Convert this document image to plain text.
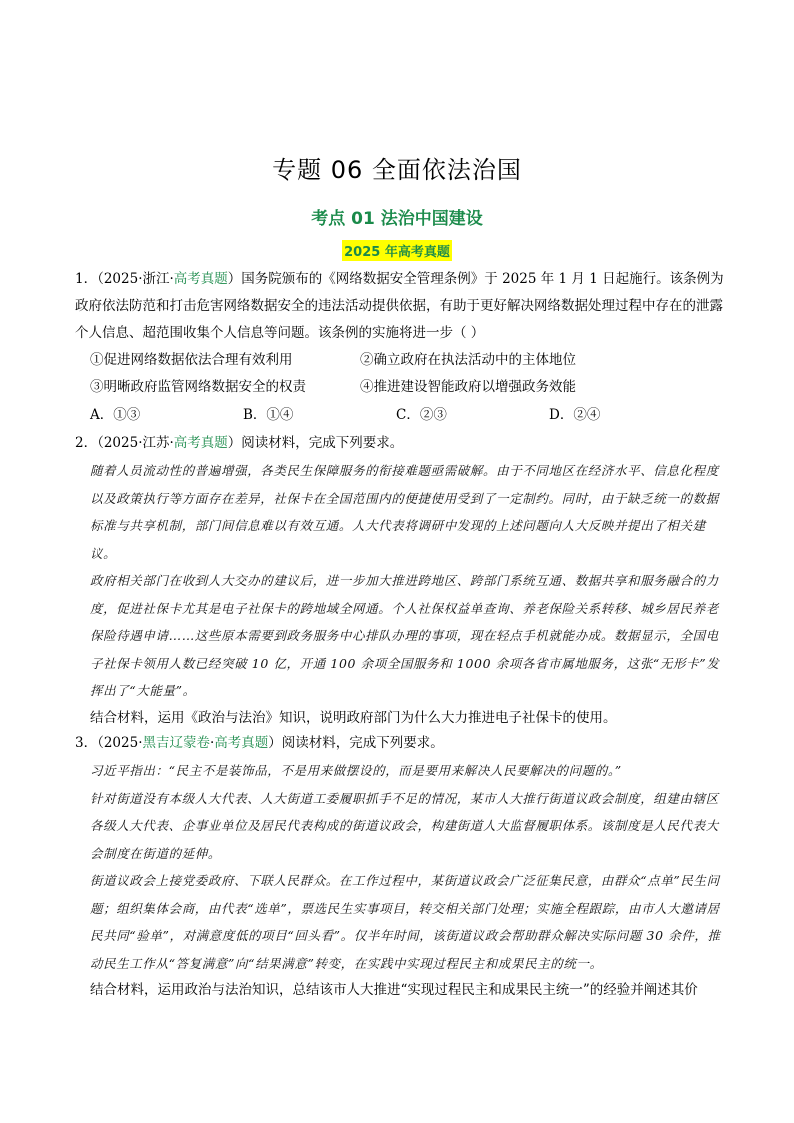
专题 06 全面依法治国
考点 01 法治中国建设
2025 年高考真题

1．（2025·浙江·高考真题）国务院颁布的《网络数据安全管理条例》于 2025 年 1 月 1 日起施行。该条例为政府依法防范和打击危害网络数据安全的违法活动提供依据，有助于更好解决网络数据处理过程中存在的泄露个人信息、超范围收集个人信息等问题。该条例的实施将进一步（ ）

①促进网络数据依法合理有效利用	②确立政府在执法活动中的主体地位
③明晰政府监管网络数据安全的权责	④推进建设智能政府以增强政务效能
A．①③	B．①④	C．②③	D．②④

2．（2025·江苏·高考真题）阅读材料，完成下列要求。

随着人员流动性的普遍增强，各类民生保障服务的衔接难题亟需破解。由于不同地区在经济水平、信息化程度以及政策执行等方面存在差异，社保卡在全国范围内的便捷使用受到了一定制约。同时，由于缺乏统一的数据标准与共享机制，部门间信息难以有效互通。人大代表将调研中发现的上述问题向人大反映并提出了相关建议。

政府相关部门在收到人大交办的建议后，进一步加大推进跨地区、跨部门系统互通、数据共享和服务融合的力度，促进社保卡尤其是电子社保卡的跨地域全网通。个人社保权益单查询、养老保险关系转移、城乡居民养老保险待遇申请……这些原本需要到政务服务中心排队办理的事项，现在轻点手机就能办成。数据显示，全国电子社保卡领用人数已经突破 10 亿，开通 100 余项全国服务和 1000 余项各省市属地服务，这张“无形卡”发挥出了“大能量”。

结合材料，运用《政治与法治》知识，说明政府部门为什么大力推进电子社保卡的使用。

3．（2025·黑吉辽蒙卷·高考真题）阅读材料，完成下列要求。

习近平指出：“民主不是装饰品，不是用来做摆设的，而是要用来解决人民要解决的问题的。”

针对街道没有本级人大代表、人大街道工委履职抓手不足的情况，某市人大推行街道议政会制度，组建由辖区各级人大代表、企事业单位及居民代表构成的街道议政会，构建街道人大监督履职体系。该制度是人民代表大会制度在街道的延伸。

街道议政会上接党委政府、下联人民群众。在工作过程中，某街道议政会广泛征集民意，由群众“点单”民生问题；组织集体会商，由代表“选单”，票选民生实事项目，转交相关部门处理；实施全程跟踪，由市人大邀请居民共同“验单”，对满意度低的项目“回头看”。仅半年时间，该街道议政会帮助群众解决实际问题 30 余件，推动民生工作从“答复满意”向“结果满意”转变，在实践中实现过程民主和成果民主的统一。

结合材料，运用政治与法治知识，总结该市人大推进“实现过程民主和成果民主统一”的经验并阐述其价
